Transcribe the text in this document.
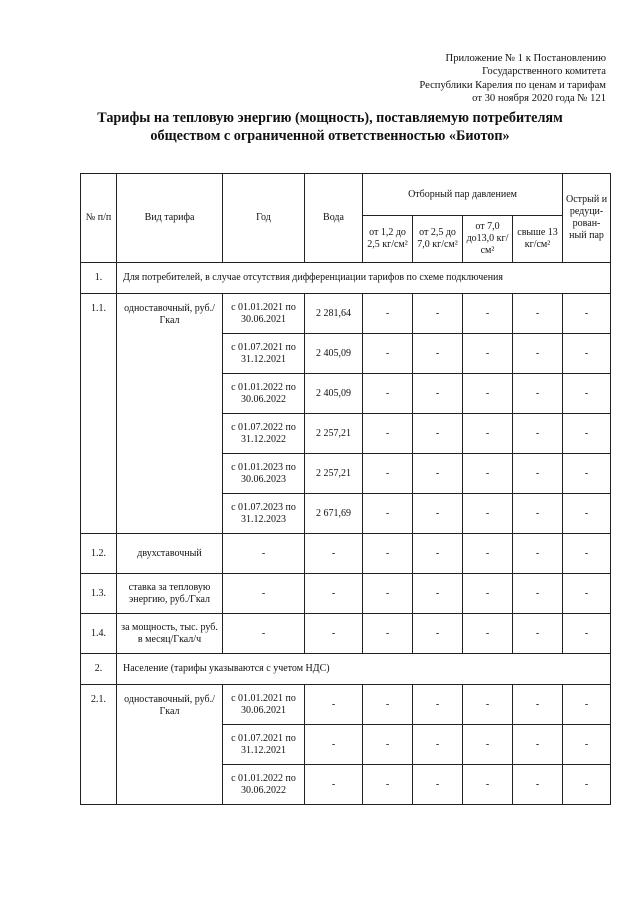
Приложение № 1 к Постановлению
Государственного комитета
Республики Карелия по ценам и тарифам
от 30 ноября 2020 года № 121
Тарифы на тепловую энергию (мощность), поставляемую потребителям
обществом с ограниченной ответственностью «Биотоп»
№ п/п	Вид тарифа	Год	Вода	Отборный пар давлением				Острый и редуци-рован-ный пар
				от 1,2 до 2,5 кг/см²	от 2,5 до 7,0 кг/см²	от 7,0 до13,0 кг/см²	свыше 13 кг/см²	
1.	Для потребителей, в случае отсутствия дифференциации тарифов по схеме подключения							
1.1.	одноставочный, руб./Гкал	с 01.01.2021 по 30.06.2021	2 281,64	-	-	-	-	-
		с 01.07.2021 по 31.12.2021	2 405,09	-	-	-	-	-
		с 01.01.2022 по 30.06.2022	2 405,09	-	-	-	-	-
		с 01.07.2022 по 31.12.2022	2 257,21	-	-	-	-	-
		с 01.01.2023 по 30.06.2023	2 257,21	-	-	-	-	-
		с 01.07.2023 по 31.12.2023	2 671,69	-	-	-	-	-
1.2.	двухставочный	-	-	-	-	-	-	-
1.3.	ставка за тепловую энергию, руб./Гкал	-	-	-	-	-	-	-
1.4.	за мощность, тыс. руб. в месяц/Гкал/ч	-	-	-	-	-	-	-
2.	Население (тарифы указываются с учетом НДС)							
2.1.	одноставочный, руб./Гкал	с 01.01.2021 по 30.06.2021	-	-	-	-	-	-
		с 01.07.2021 по 31.12.2021	-	-	-	-	-	-
		с 01.01.2022 по 30.06.2022	-	-	-	-	-	-
